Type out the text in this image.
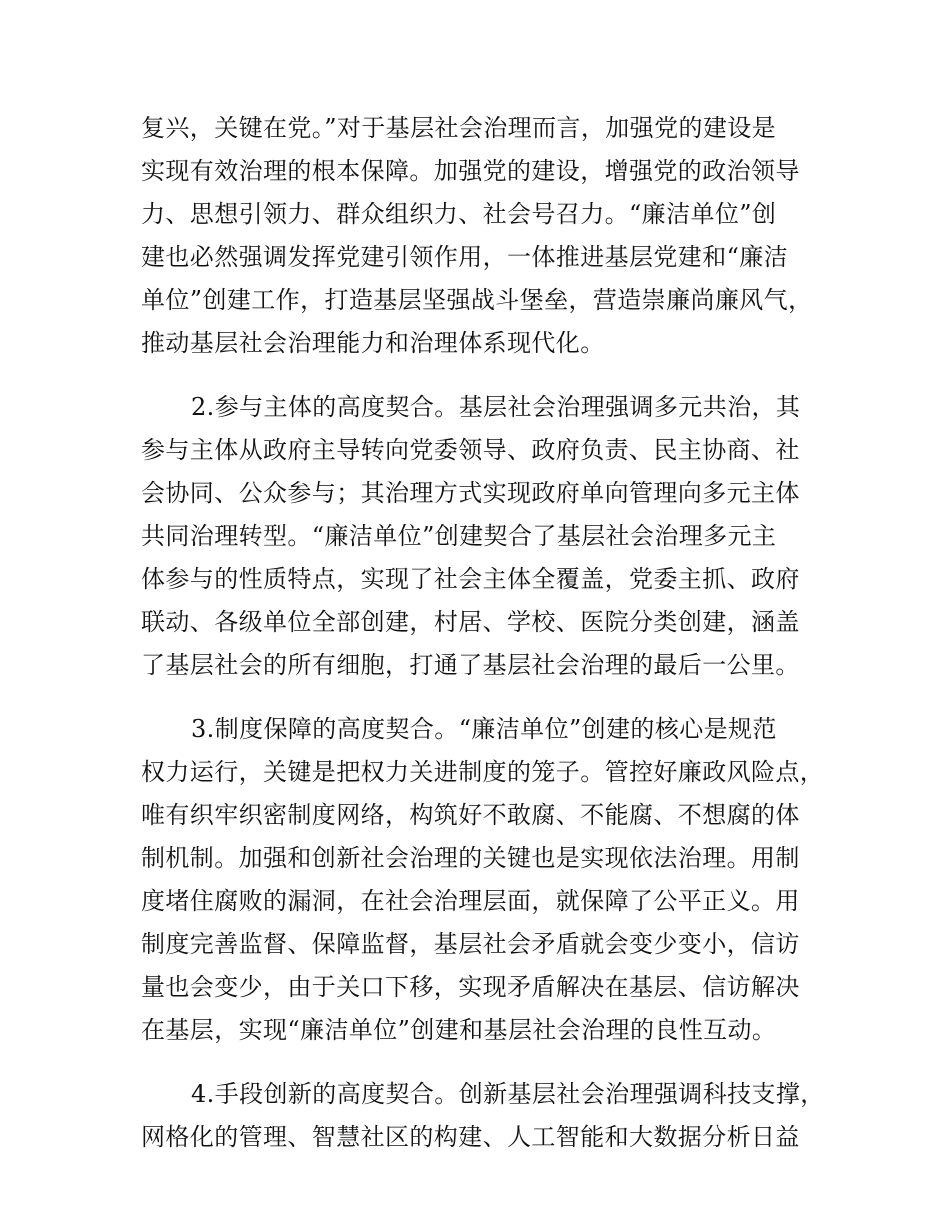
复兴，关键在党。”对于基层社会治理而言，加强党的建设是
实现有效治理的根本保障。加强党的建设，增强党的政治领导
力、思想引领力、群众组织力、社会号召力。“廉洁单位”创
建也必然强调发挥党建引领作用，一体推进基层党建和“廉洁
单位”创建工作，打造基层坚强战斗堡垒，营造崇廉尚廉风气，
推动基层社会治理能力和治理体系现代化。
2.参与主体的高度契合。基层社会治理强调多元共治，其
参与主体从政府主导转向党委领导、政府负责、民主协商、社
会协同、公众参与；其治理方式实现政府单向管理向多元主体
共同治理转型。“廉洁单位”创建契合了基层社会治理多元主
体参与的性质特点，实现了社会主体全覆盖，党委主抓、政府
联动、各级单位全部创建，村居、学校、医院分类创建，涵盖
了基层社会的所有细胞，打通了基层社会治理的最后一公里。
3.制度保障的高度契合。“廉洁单位”创建的核心是规范
权力运行，关键是把权力关进制度的笼子。管控好廉政风险点，
唯有织牢织密制度网络，构筑好不敢腐、不能腐、不想腐的体
制机制。加强和创新社会治理的关键也是实现依法治理。用制
度堵住腐败的漏洞，在社会治理层面，就保障了公平正义。用
制度完善监督、保障监督，基层社会矛盾就会变少变小，信访
量也会变少，由于关口下移，实现矛盾解决在基层、信访解决
在基层，实现“廉洁单位”创建和基层社会治理的良性互动。
4.手段创新的高度契合。创新基层社会治理强调科技支撑，
网格化的管理、智慧社区的构建、人工智能和大数据分析日益
